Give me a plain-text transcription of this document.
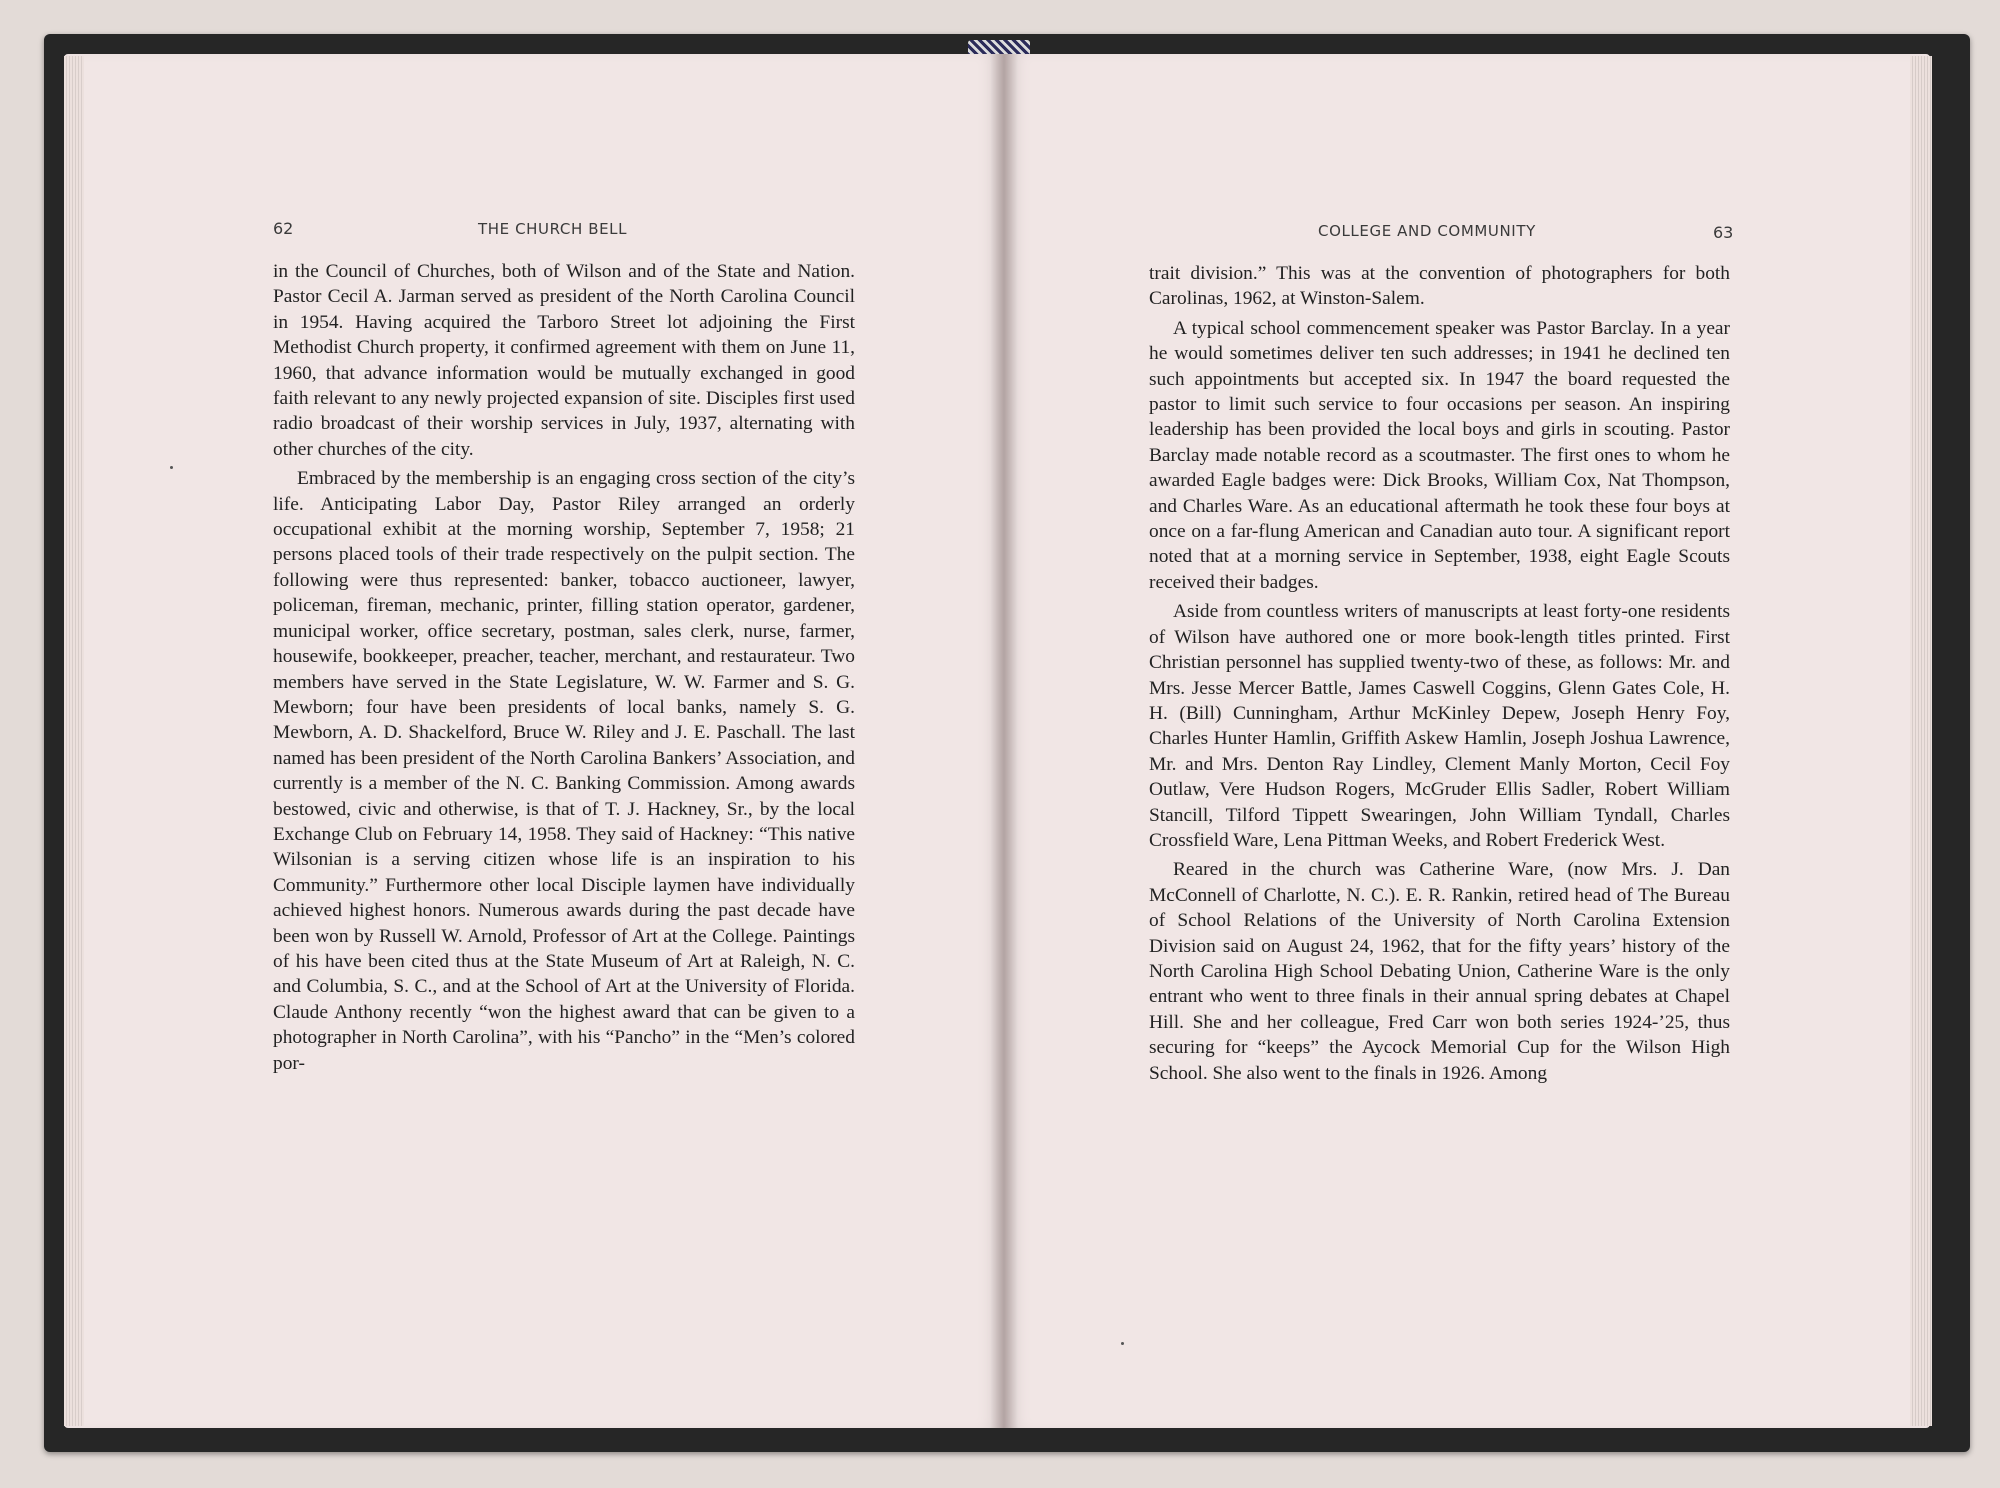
62	THE CHURCH BELL	COLLEGE AND COMMUNITY	63

in the Council of Churches, both of Wilson and of the State and Nation. Pastor Cecil A. Jarman served as president of the North Carolina Council in 1954. Having acquired the Tarboro Street lot adjoining the First Methodist Church property, it confirmed agreement with them on June 11, 1960, that advance information would be mutually exchanged in good faith relevant to any newly projected expansion of site. Disciples first used radio broadcast of their worship services in July, 1937, alternating with other churches of the city.

Embraced by the membership is an engaging cross section of the city’s life. Anticipating Labor Day, Pastor Riley arranged an orderly occupational exhibit at the morning worship, September 7, 1958; 21 persons placed tools of their trade respectively on the pulpit section. The following were thus represented: banker, tobacco auctioneer, lawyer, policeman, fireman, mechanic, printer, filling station operator, gardener, municipal worker, office secretary, postman, sales clerk, nurse, farmer, housewife, bookkeeper, preacher, teacher, merchant, and restaurateur. Two members have served in the State Legislature, W. W. Farmer and S. G. Mewborn; four have been presidents of local banks, namely S. G. Mewborn, A. D. Shackelford, Bruce W. Riley and J. E. Paschall. The last named has been president of the North Carolina Bankers’ Association, and currently is a member of the N. C. Banking Commission. Among awards bestowed, civic and otherwise, is that of T. J. Hackney, Sr., by the local Exchange Club on February 14, 1958. They said of Hackney: “This native Wilsonian is a serving citizen whose life is an inspiration to his Community.” Furthermore other local Disciple laymen have individually achieved highest honors. Numerous awards during the past decade have been won by Russell W. Arnold, Professor of Art at the College. Paintings of his have been cited thus at the State Museum of Art at Raleigh, N. C. and Columbia, S. C., and at the School of Art at the University of Florida. Claude Anthony recently “won the highest award that can be given to a photographer in North Carolina”, with his “Pancho” in the “Men’s colored por-

trait division.” This was at the convention of photographers for both Carolinas, 1962, at Winston-Salem.

A typical school commencement speaker was Pastor Barclay. In a year he would sometimes deliver ten such addresses; in 1941 he declined ten such appointments but accepted six. In 1947 the board requested the pastor to limit such service to four occasions per season. An inspiring leadership has been provided the local boys and girls in scouting. Pastor Barclay made notable record as a scoutmaster. The first ones to whom he awarded Eagle badges were: Dick Brooks, William Cox, Nat Thompson, and Charles Ware. As an educational aftermath he took these four boys at once on a far-flung American and Canadian auto tour. A significant report noted that at a morning service in September, 1938, eight Eagle Scouts received their badges.

Aside from countless writers of manuscripts at least forty-one residents of Wilson have authored one or more book-length titles printed. First Christian personnel has supplied twenty-two of these, as follows: Mr. and Mrs. Jesse Mercer Battle, James Caswell Coggins, Glenn Gates Cole, H. H. (Bill) Cunningham, Arthur McKinley Depew, Joseph Henry Foy, Charles Hunter Hamlin, Griffith Askew Hamlin, Joseph Joshua Lawrence, Mr. and Mrs. Denton Ray Lindley, Clement Manly Morton, Cecil Foy Outlaw, Vere Hudson Rogers, McGruder Ellis Sadler, Robert William Stancill, Tilford Tippett Swearingen, John William Tyndall, Charles Crossfield Ware, Lena Pittman Weeks, and Robert Frederick West.

Reared in the church was Catherine Ware, (now Mrs. J. Dan McConnell of Charlotte, N. C.). E. R. Rankin, retired head of The Bureau of School Relations of the University of North Carolina Extension Division said on August 24, 1962, that for the fifty years’ history of the North Carolina High School Debating Union, Catherine Ware is the only entrant who went to three finals in their annual spring debates at Chapel Hill. She and her colleague, Fred Carr won both series 1924-’25, thus securing for “keeps” the Aycock Memorial Cup for the Wilson High School. She also went to the finals in 1926. Among
